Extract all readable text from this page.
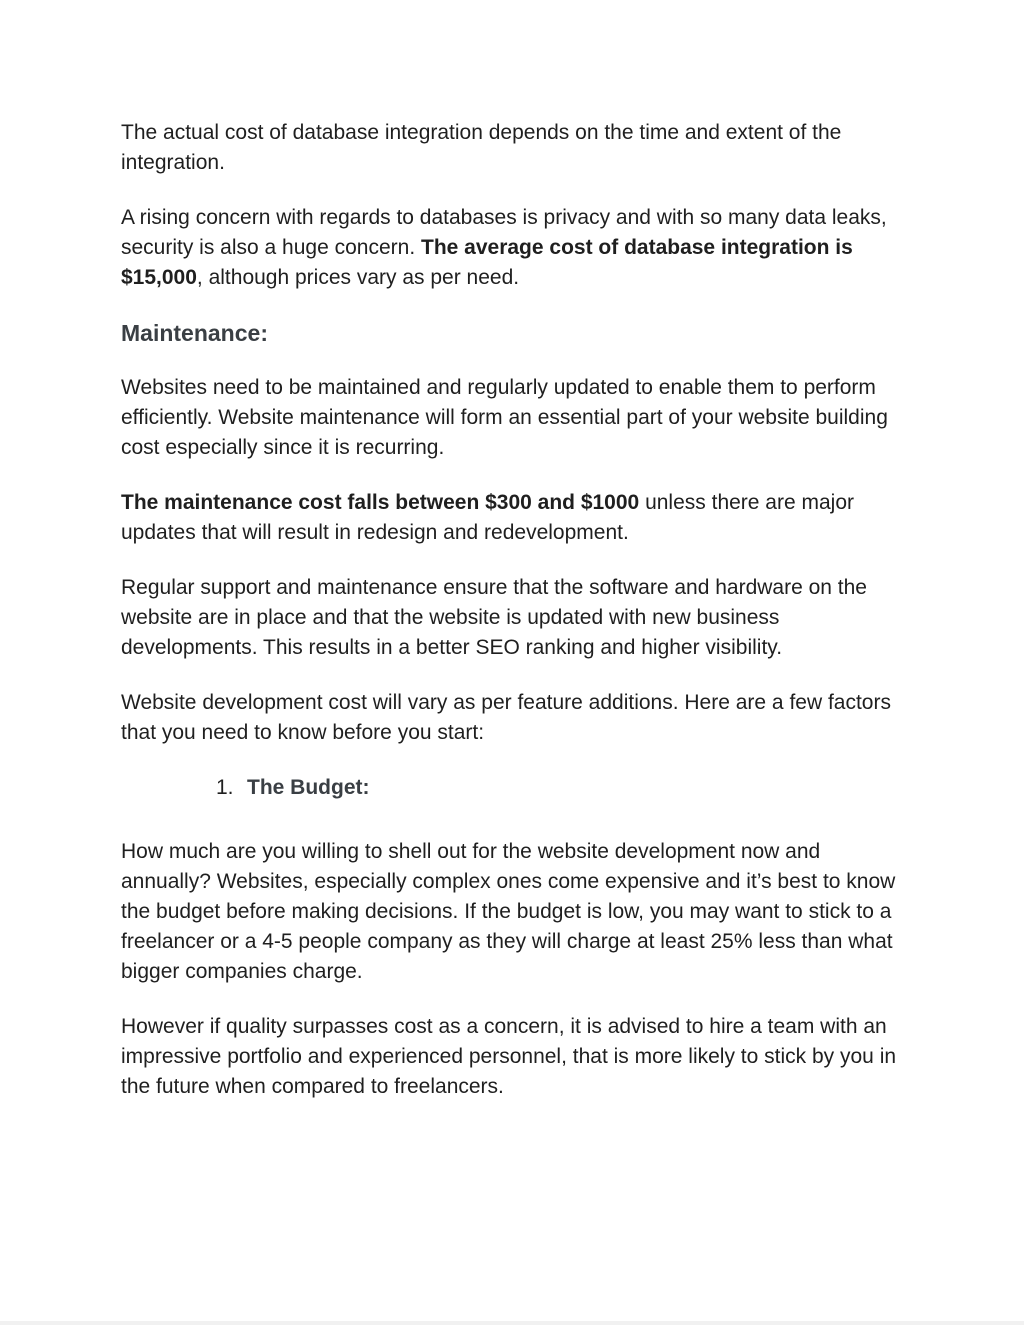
The actual cost of database integration depends on the time and extent of the integration.

A rising concern with regards to databases is privacy and with so many data leaks, security is also a huge concern. The average cost of database integration is $15,000, although prices vary as per need.

Maintenance:

Websites need to be maintained and regularly updated to enable them to perform efficiently. Website maintenance will form an essential part of your website building cost especially since it is recurring.

The maintenance cost falls between $300 and $1000 unless there are major updates that will result in redesign and redevelopment.

Regular support and maintenance ensure that the software and hardware on the website are in place and that the website is updated with new business developments. This results in a better SEO ranking and higher visibility.

Website development cost will vary as per feature additions. Here are a few factors that you need to know before you start:

1. The Budget:

How much are you willing to shell out for the website development now and annually? Websites, especially complex ones come expensive and it’s best to know the budget before making decisions. If the budget is low, you may want to stick to a freelancer or a 4-5 people company as they will charge at least 25% less than what bigger companies charge.

However if quality surpasses cost as a concern, it is advised to hire a team with an impressive portfolio and experienced personnel, that is more likely to stick by you in the future when compared to freelancers.
